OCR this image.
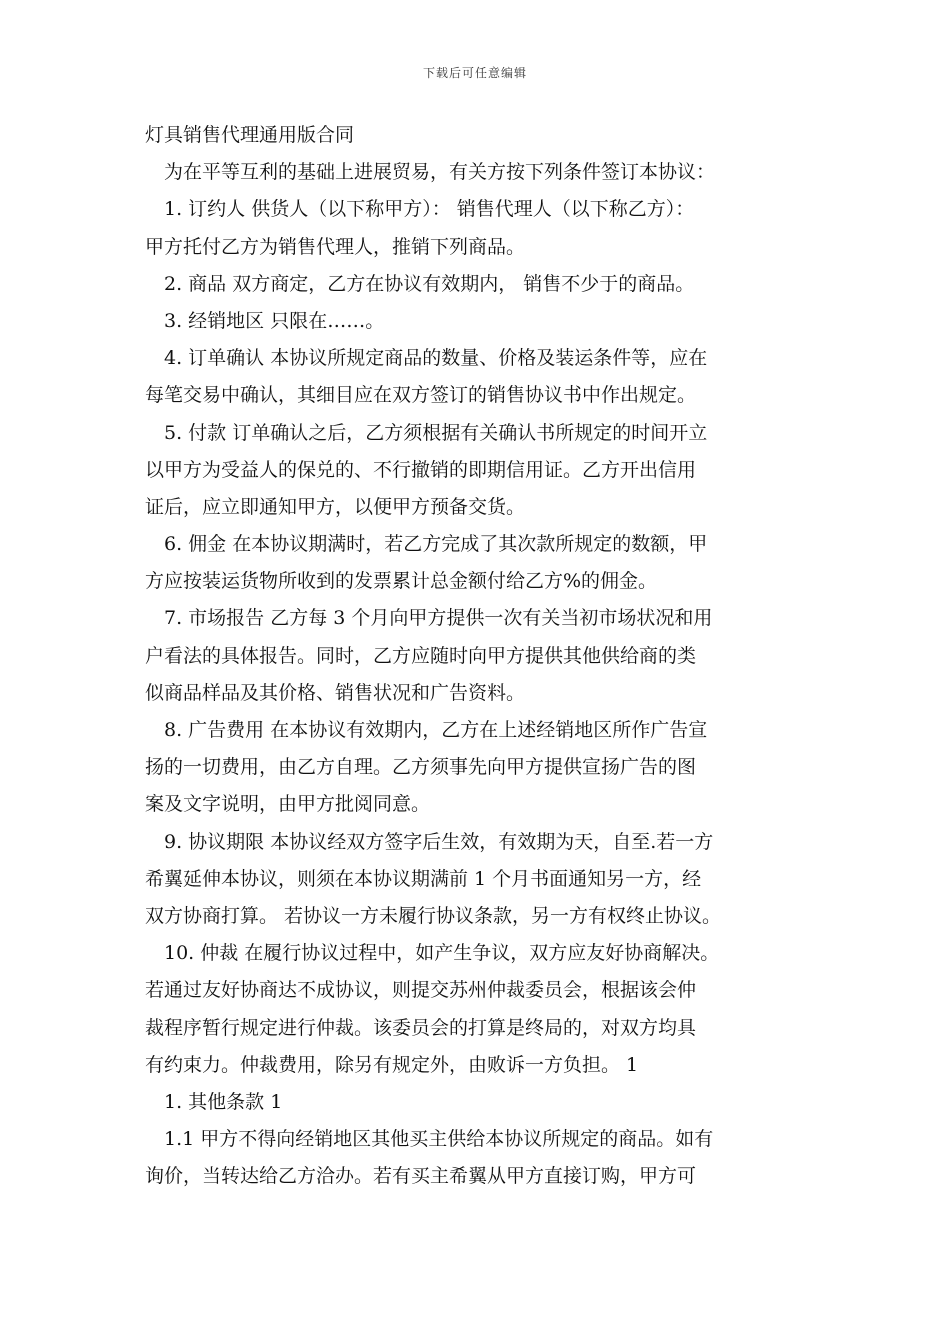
下载后可任意编辑
灯具销售代理通用版合同
为在平等互利的基础上进展贸易，有关方按下列条件签订本协议：
1. 订约人 供货人（以下称甲方）： 销售代理人（以下称乙方）：
甲方托付乙方为销售代理人，推销下列商品。
2. 商品 双方商定，乙方在协议有效期内， 销售不少于的商品。
3. 经销地区 只限在……。
4. 订单确认 本协议所规定商品的数量、价格及装运条件等，应在
每笔交易中确认，其细目应在双方签订的销售协议书中作出规定。
5. 付款 订单确认之后，乙方须根据有关确认书所规定的时间开立
以甲方为受益人的保兑的、不行撤销的即期信用证。乙方开出信用
证后，应立即通知甲方，以便甲方预备交货。
6. 佣金 在本协议期满时，若乙方完成了其次款所规定的数额，甲
方应按装运货物所收到的发票累计总金额付给乙方%的佣金。
7. 市场报告 乙方每 3 个月向甲方提供一次有关当初市场状况和用
户看法的具体报告。同时，乙方应随时向甲方提供其他供给商的类
似商品样品及其价格、销售状况和广告资料。
8. 广告费用 在本协议有效期内，乙方在上述经销地区所作广告宣
扬的一切费用，由乙方自理。乙方须事先向甲方提供宣扬广告的图
案及文字说明，由甲方批阅同意。
9. 协议期限 本协议经双方签字后生效，有效期为天，自至.若一方
希翼延伸本协议，则须在本协议期满前 1 个月书面通知另一方，经
双方协商打算。 若协议一方未履行协议条款，另一方有权终止协议。
10. 仲裁 在履行协议过程中，如产生争议，双方应友好协商解决。
若通过友好协商达不成协议，则提交苏州仲裁委员会，根据该会仲
裁程序暂行规定进行仲裁。该委员会的打算是终局的，对双方均具
有约束力。仲裁费用，除另有规定外，由败诉一方负担。 1
1. 其他条款 1
1.1 甲方不得向经销地区其他买主供给本协议所规定的商品。如有
询价，当转达给乙方洽办。若有买主希翼从甲方直接订购，甲方可
